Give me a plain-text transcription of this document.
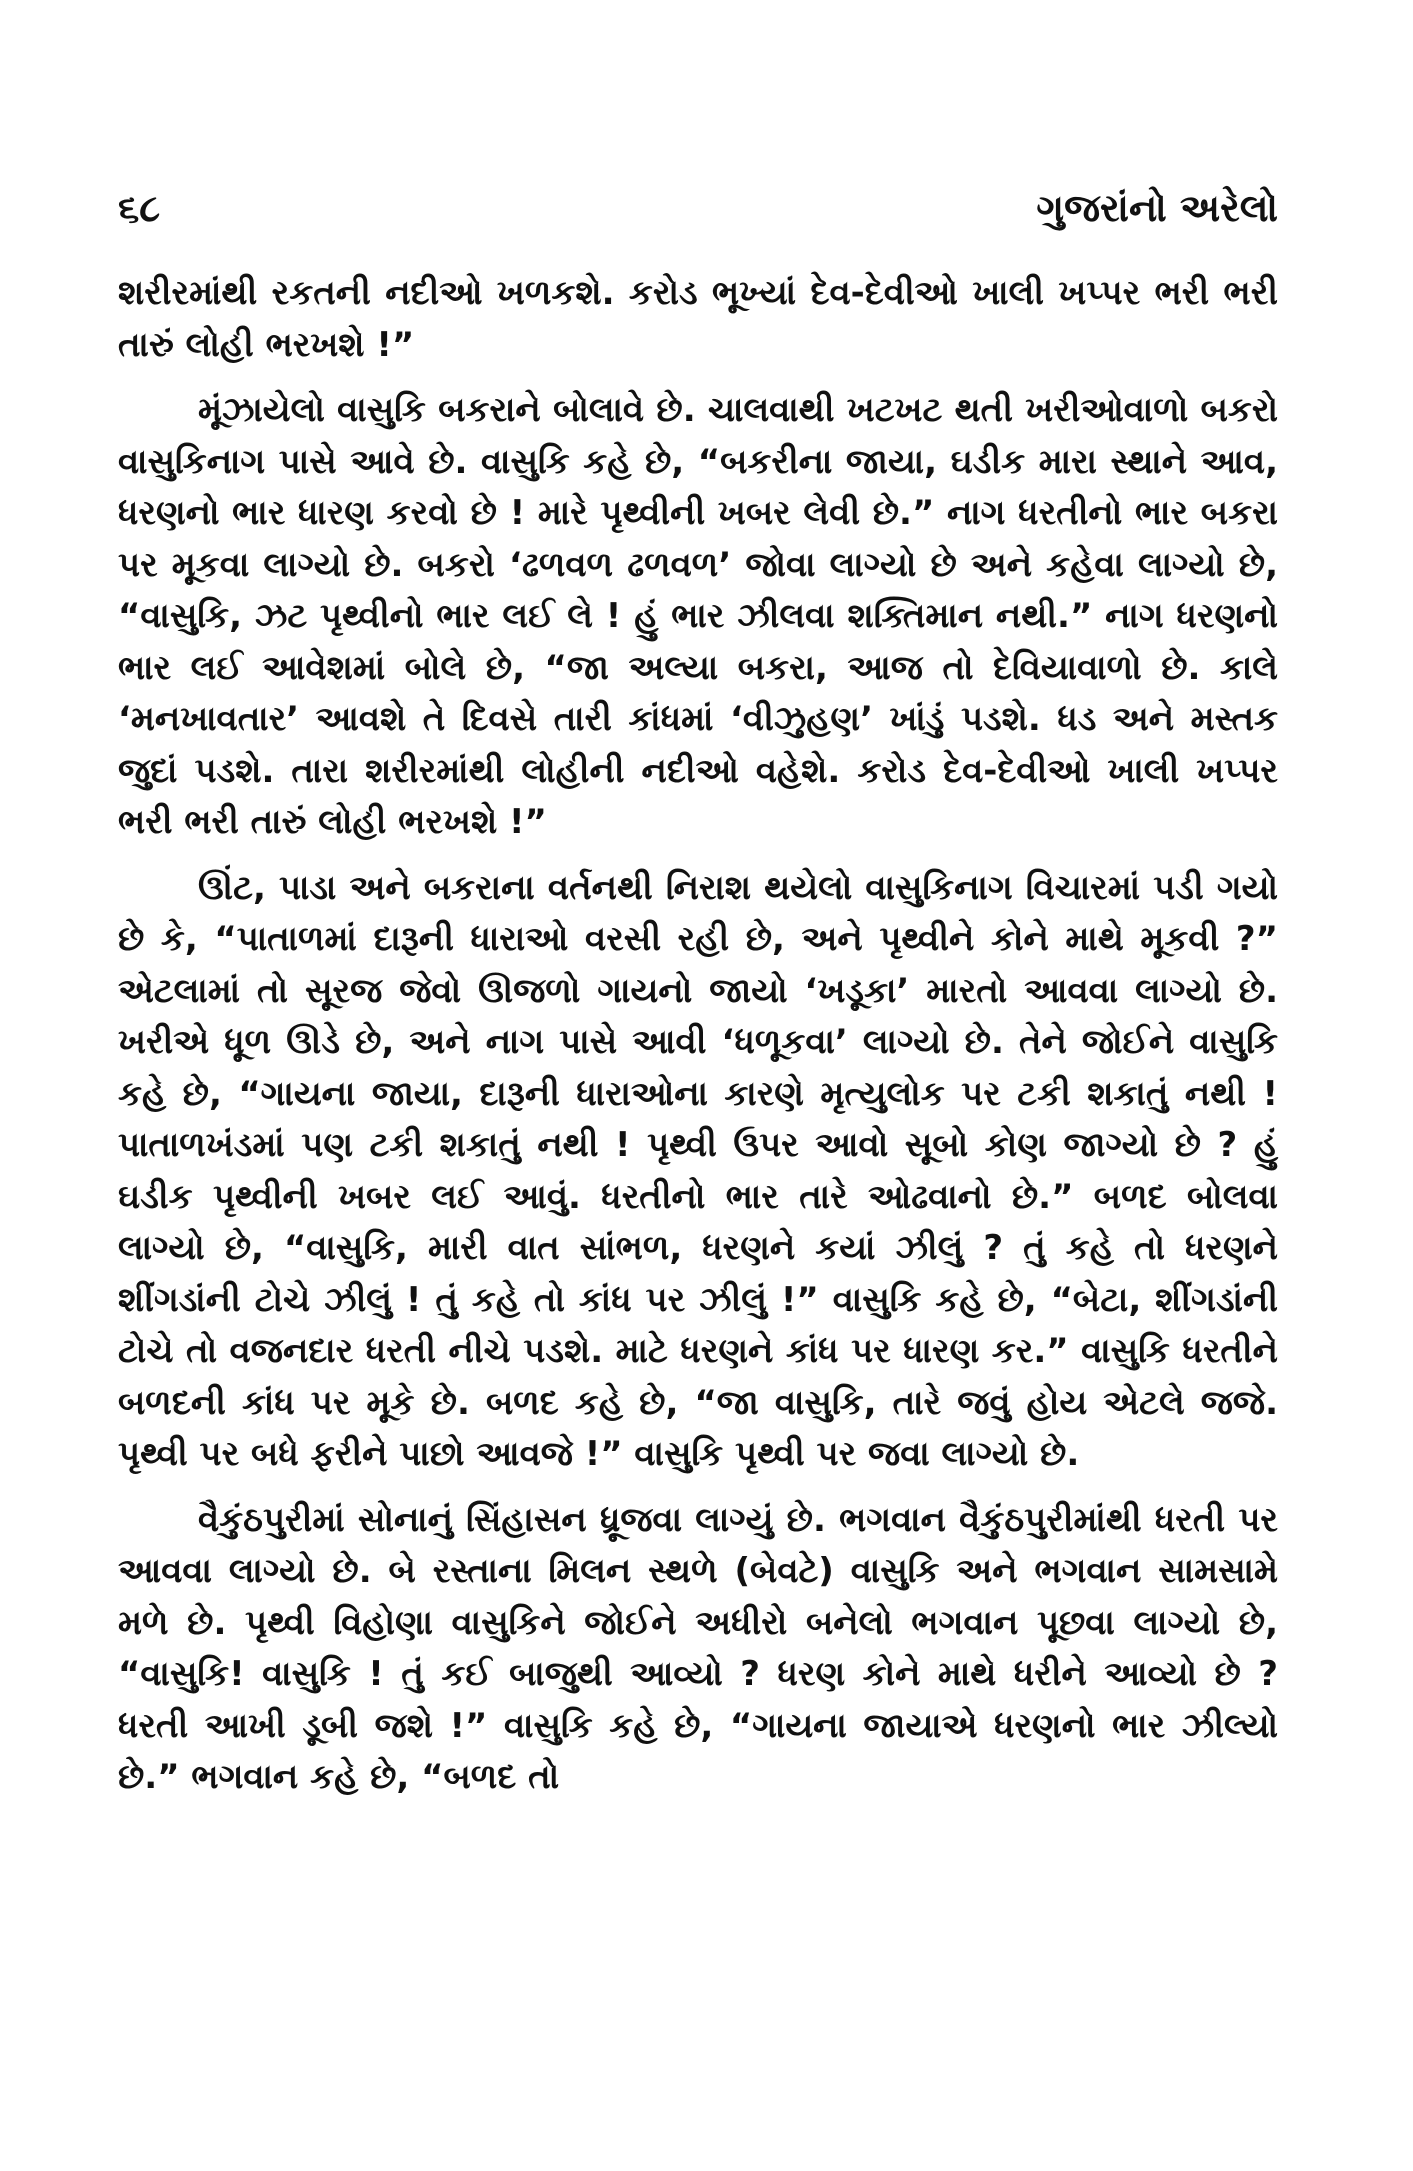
૬૮	ગુજરાંનો અરેલો

શરીરમાંથી રકતની નદીઓ ખળકશે. કરોડ ભૂખ્યાં દેવ-દેવીઓ ખાલી ખપ્પર ભરી ભરી તારું લોહી ભરખશે !”

મૂંઝાયેલો વાસુકિ બકરાને બોલાવે છે. ચાલવાથી ખટખટ થતી ખરીઓવાળો બકરો વાસુકિનાગ પાસે આવે છે. વાસુકિ કહે છે, “બકરીના જાયા, ઘડીક મારા સ્થાને આવ, ધરણનો ભાર ધારણ કરવો છે ! મારે પૃથ્વીની ખબર લેવી છે.” નાગ ધરતીનો ભાર બકરા પર મૂકવા લાગ્યો છે. બકરો ‘ઢળવળ ઢળવળ’ જોવા લાગ્યો છે અને કહેવા લાગ્યો છે, “વાસુકિ, ઝટ પૃથ્વીનો ભાર લઈ લે ! હું ભાર ઝીલવા શક્તિમાન નથી.” નાગ ધરણનો ભાર લઈ આવેશમાં બોલે છે, “જા અલ્યા બકરા, આજ તો દેવિયાવાળો છે. કાલે ‘મનખાવતાર’ આવશે તે દિવસે તારી કાંધમાં ‘વીઝુહણ’ ખાંડું પડશે. ધડ અને મસ્તક જુદાં પડશે. તારા શરીરમાંથી લોહીની નદીઓ વહેશે. કરોડ દેવ-દેવીઓ ખાલી ખપ્પર ભરી ભરી તારું લોહી ભરખશે !”

ઊંટ, પાડા અને બકરાના વર્તનથી નિરાશ થયેલો વાસુકિનાગ વિચારમાં પડી ગયો છે કે, “પાતાળમાં દારૂની ધારાઓ વરસી રહી છે, અને પૃથ્વીને કોને માથે મૂકવી ?” એટલામાં તો સૂરજ જેવો ઊજળો ગાયનો જાયો ‘ખડૂકા’ મારતો આવવા લાગ્યો છે. ખરીએ ધૂળ ઊડે છે, અને નાગ પાસે આવી ‘ધળૂકવા’ લાગ્યો છે. તેને જોઈને વાસુકિ કહે છે, “ગાયના જાયા, દારૂની ધારાઓના કારણે મૃત્યુલોક પર ટકી શકાતું નથી ! પાતાળખંડમાં પણ ટકી શકાતું નથી ! પૃથ્વી ઉપર આવો સૂબો કોણ જાગ્યો છે ? હું ઘડીક પૃથ્વીની ખબર લઈ આવું. ધરતીનો ભાર તારે ઓઢવાનો છે.” બળદ બોલવા લાગ્યો છે, “વાસુકિ, મારી વાત સાંભળ, ધરણને કયાં ઝીલું ? તું કહે તો ધરણને શીંગડાંની ટોચે ઝીલું ! તું કહે તો કાંધ પર ઝીલું !” વાસુકિ કહે છે, “બેટા, શીંગડાંની ટોચે તો વજનદાર ધરતી નીચે પડશે. માટે ધરણને કાંધ પર ધારણ કર.” વાસુકિ ધરતીને બળદની કાંધ પર મૂકે છે. બળદ કહે છે, “જા વાસુકિ, તારે જવું હોય એટલે જજે. પૃથ્વી પર બધે ફરીને પાછો આવજે !” વાસુકિ પૃથ્વી પર જવા લાગ્યો છે.

વૈકુંઠપુરીમાં સોનાનું સિંહાસન ધ્રૂજવા લાગ્યું છે. ભગવાન વૈકુંઠપુરીમાંથી ધરતી પર આવવા લાગ્યો છે. બે રસ્તાના મિલન સ્થળે (બેવટે) વાસુકિ અને ભગવાન સામસામે મળે છે. પૃથ્વી વિહોણા વાસુકિને જોઈને અધીરો બનેલો ભગવાન પૂછવા લાગ્યો છે, “વાસુકિ! વાસુકિ ! તું કઈ બાજુથી આવ્યો ? ધરણ કોને માથે ધરીને આવ્યો છે ? ધરતી આખી ડૂબી જશે !” વાસુકિ કહે છે, “ગાયના જાયાએ ધરણનો ભાર ઝીલ્યો છે.” ભગવાન કહે છે, “બળદ તો
